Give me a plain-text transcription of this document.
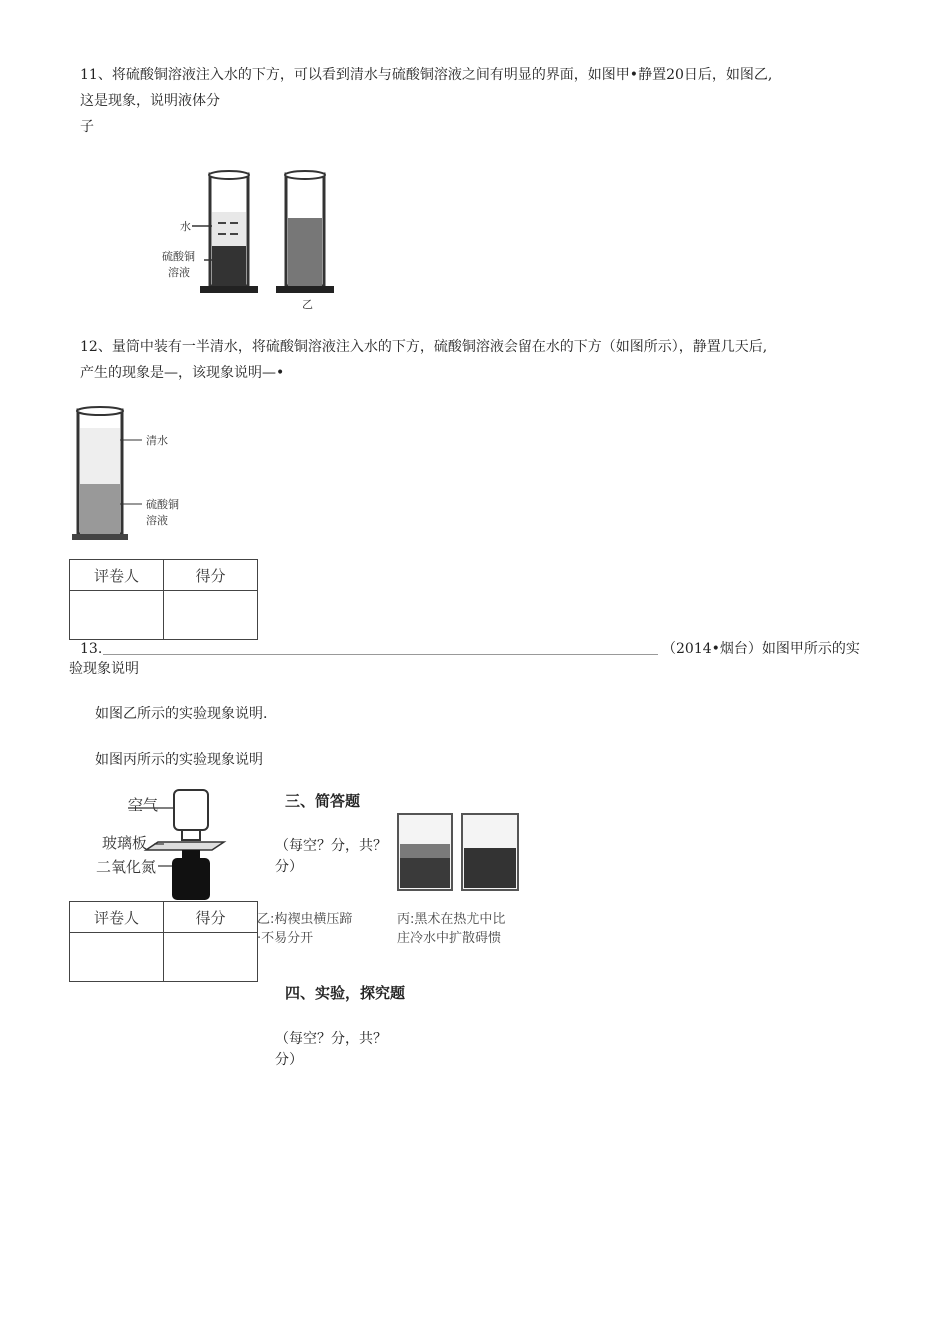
11、将硫酸铜溶液注入水的下方，可以看到清水与硫酸铜溶液之间有明显的界面，如图甲•静置20日后，如图乙,
这是现象，说明液体分
子
水
硫酸铜
溶液
乙
12、量筒中装有一半清水，将硫酸铜溶液注入水的下方，硫酸铜溶液会留在水的下方（如图所示），静置几天后,
产生的现象是—，该现象说明—•
清水
硫酸铜
溶液
评卷人	得分

13.	（2014•烟台）如图甲所示的实
验现象说明
如图乙所示的实验现象说明.
如图丙所示的实验现象说明
空气
玻璃板
二氧化氮
三、简答题
（每空？分，共？
分）
乙:构禊虫横压蹄
·不易分开
丙:黑术在热尤中比
庄冷水中扩散碍愦
评卷人	得分

四、实验，探究题
（每空？分，共？
分）
